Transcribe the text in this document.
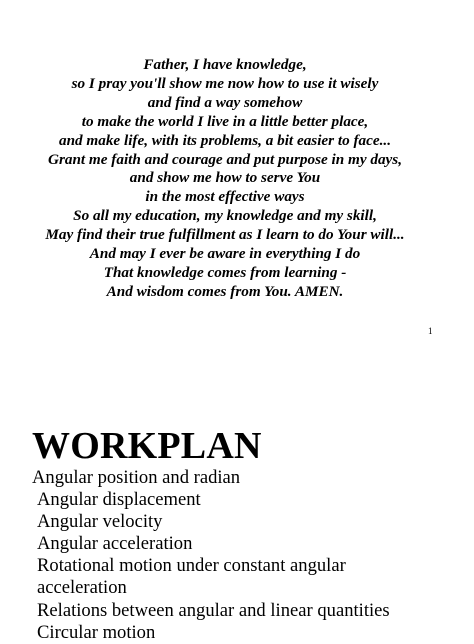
Father, I have knowledge,
so I pray you'll show me now how to use it wisely
and find a way somehow
to make the world I live in a little better place,
and make life, with its problems, a bit easier to face...
Grant me faith and courage and put purpose in my days,
and show me how to serve You
in the most effective ways
So all my education, my knowledge and my skill,
May find their true fulfillment as I learn to do Your will...
And may I ever be aware in everything I do
That knowledge comes from learning -
And wisdom comes from You. AMEN.
1
WORKPLAN
Angular position and radian
Angular displacement
Angular velocity
Angular acceleration
Rotational motion under constant angular acceleration
Relations between angular and linear quantities
Circular motion
